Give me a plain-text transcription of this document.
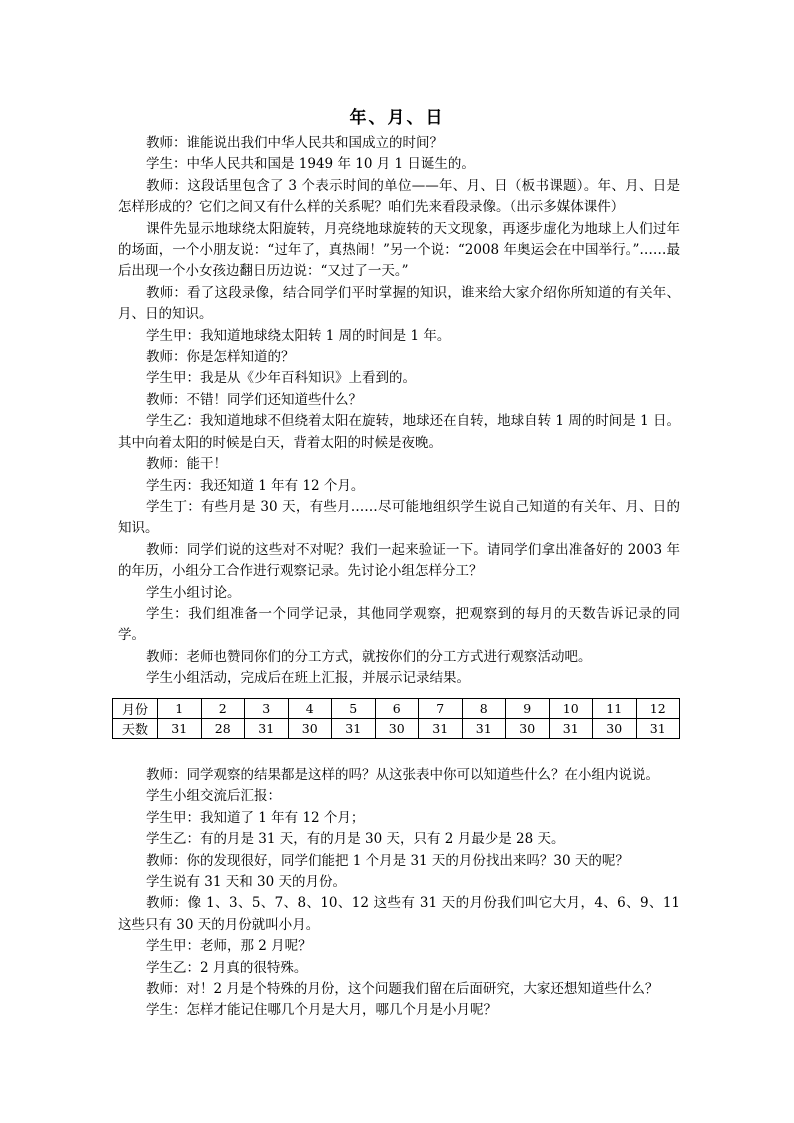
年、月、日

教师：谁能说出我们中华人民共和国成立的时间？

学生：中华人民共和国是 1949 年 10 月 1 日诞生的。

教师：这段话里包含了 3 个表示时间的单位——年、月、日（板书课题）。年、月、日是怎样形成的？它们之间又有什么样的关系呢？咱们先来看段录像。（出示多媒体课件）

课件先显示地球绕太阳旋转，月亮绕地球旋转的天文现象，再逐步虚化为地球上人们过年的场面，一个小朋友说：“过年了，真热闹！”另一个说：“2008 年奥运会在中国举行。”……最后出现一个小女孩边翻日历边说：“又过了一天。”

教师：看了这段录像，结合同学们平时掌握的知识，谁来给大家介绍你所知道的有关年、月、日的知识。

学生甲：我知道地球绕太阳转 1 周的时间是 1 年。

教师：你是怎样知道的？

学生甲：我是从《少年百科知识》上看到的。

教师：不错！同学们还知道些什么？

学生乙：我知道地球不但绕着太阳在旋转，地球还在自转，地球自转 1 周的时间是 1 日。其中向着太阳的时候是白天，背着太阳的时候是夜晚。

教师：能干！

学生丙：我还知道 1 年有 12 个月。

学生丁：有些月是 30 天，有些月……尽可能地组织学生说自己知道的有关年、月、日的知识。

教师：同学们说的这些对不对呢？我们一起来验证一下。请同学们拿出准备好的 2003 年的年历，小组分工合作进行观察记录。先讨论小组怎样分工？

学生小组讨论。

学生：我们组准备一个同学记录，其他同学观察，把观察到的每月的天数告诉记录的同学。

教师：老师也赞同你们的分工方式，就按你们的分工方式进行观察活动吧。

学生小组活动，完成后在班上汇报，并展示记录结果。

月份	1	2	3	4	5	6	7	8	9	10	11	12
天数	31	28	31	30	31	30	31	31	30	31	30	31

教师：同学观察的结果都是这样的吗？从这张表中你可以知道些什么？在小组内说说。

学生小组交流后汇报：

学生甲：我知道了 1 年有 12 个月；

学生乙：有的月是 31 天，有的月是 30 天，只有 2 月最少是 28 天。

教师：你的发现很好，同学们能把 1 个月是 31 天的月份找出来吗？30 天的呢？

学生说有 31 天和 30 天的月份。

教师：像 1、3、5、7、8、10、12 这些有 31 天的月份我们叫它大月，4、6、9、11 这些只有 30 天的月份就叫小月。

学生甲：老师，那 2 月呢？

学生乙：2 月真的很特殊。

教师：对！2 月是个特殊的月份，这个问题我们留在后面研究，大家还想知道些什么？

学生：怎样才能记住哪几个月是大月，哪几个月是小月呢？
